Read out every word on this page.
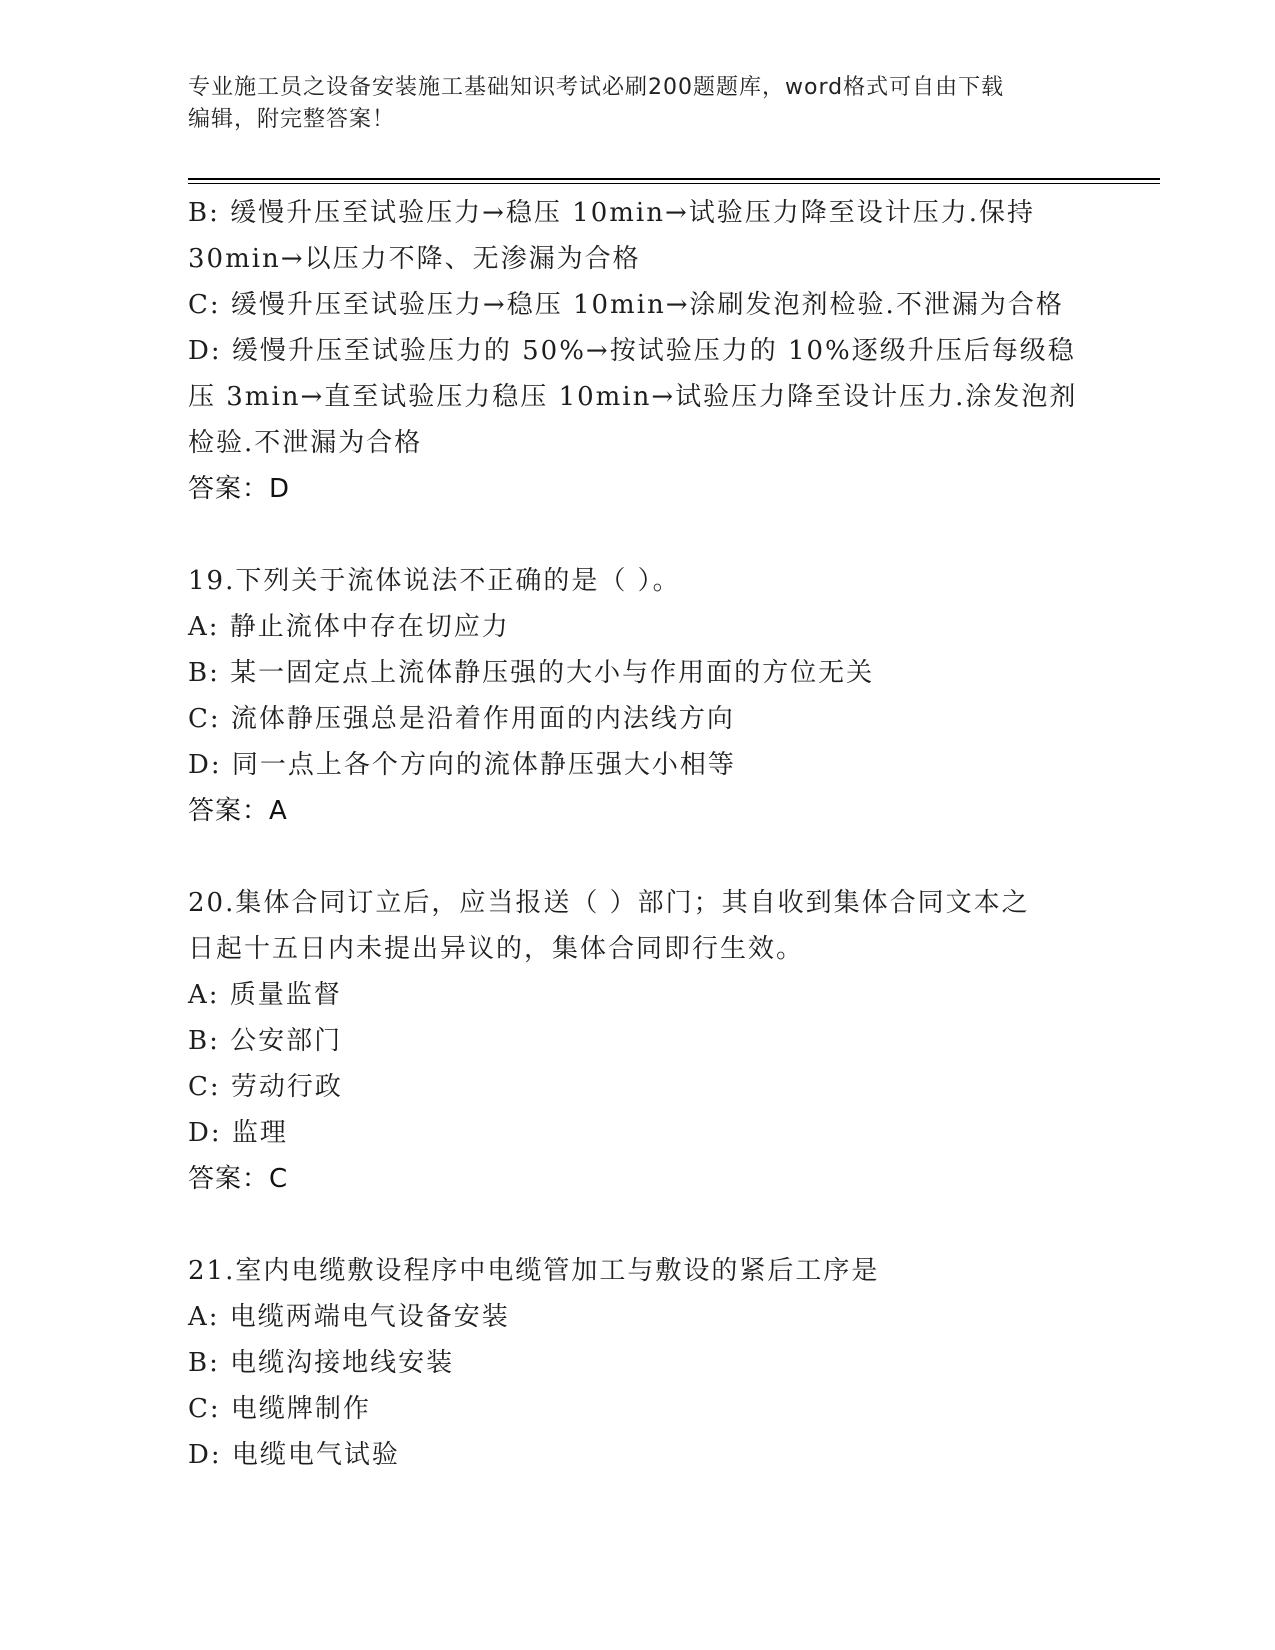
专业施工员之设备安装施工基础知识考试必刷200题题库，word格式可自由下载
编辑，附完整答案！
B: 缓慢升压至试验压力→稳压 10min→试验压力降至设计压力.保持
30min→以压力不降、无渗漏为合格
C: 缓慢升压至试验压力→稳压 10min→涂刷发泡剂检验.不泄漏为合格
D: 缓慢升压至试验压力的 50%→按试验压力的 10%逐级升压后每级稳
压 3min→直至试验压力稳压 10min→试验压力降至设计压力.涂发泡剂
检验.不泄漏为合格
答案：D
19.下列关于流体说法不正确的是（ ）。
A: 静止流体中存在切应力
B: 某一固定点上流体静压强的大小与作用面的方位无关
C: 流体静压强总是沿着作用面的内法线方向
D: 同一点上各个方向的流体静压强大小相等
答案：A
20.集体合同订立后，应当报送（ ）部门；其自收到集体合同文本之
日起十五日内未提出异议的，集体合同即行生效。
A: 质量监督
B: 公安部门
C: 劳动行政
D: 监理
答案：C
21.室内电缆敷设程序中电缆管加工与敷设的紧后工序是
A: 电缆两端电气设备安装
B: 电缆沟接地线安装
C: 电缆牌制作
D: 电缆电气试验
